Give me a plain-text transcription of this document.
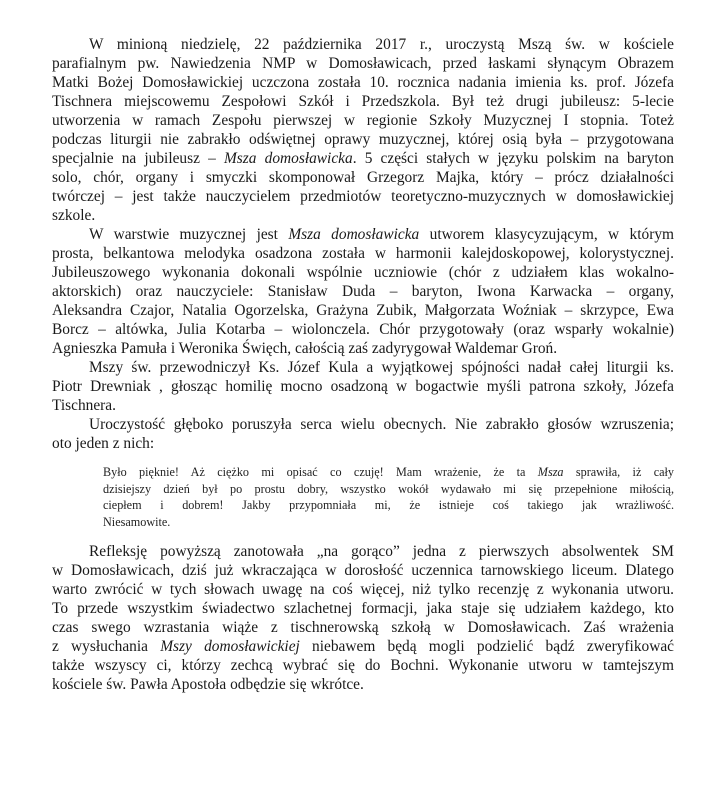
W minioną niedzielę, 22 października 2017 r., uroczystą Mszą św. w kościele
parafialnym pw. Nawiedzenia NMP w Domosławicach, przed łaskami słynącym Obrazem
Matki Bożej Domosławickiej uczczona została 10. rocznica nadania imienia ks. prof. Józefa
Tischnera miejscowemu Zespołowi Szkół i Przedszkola. Był też drugi jubileusz: 5-lecie
utworzenia w ramach Zespołu pierwszej w regionie Szkoły Muzycznej I stopnia. Toteż
podczas liturgii nie zabrakło odświętnej oprawy muzycznej, której osią była – przygotowana
specjalnie na jubileusz – Msza domosławicka. 5 części stałych w języku polskim na baryton
solo, chór, organy i smyczki skomponował Grzegorz Majka, który – prócz działalności
twórczej – jest także nauczycielem przedmiotów teoretyczno-muzycznych w domosławickiej
szkole.

W warstwie muzycznej jest Msza domosławicka utworem klasycyzującym, w którym
prosta, belkantowa melodyka osadzona została w harmonii kalejdoskopowej, kolorystycznej.
Jubileuszowego wykonania dokonali wspólnie uczniowie (chór z udziałem klas wokalno-
aktorskich) oraz nauczyciele: Stanisław Duda – baryton, Iwona Karwacka – organy,
Aleksandra Czajor, Natalia Ogorzelska, Grażyna Zubik, Małgorzata Woźniak – skrzypce, Ewa
Borcz – altówka, Julia Kotarba – wiolonczela. Chór przygotowały (oraz wsparły wokalnie)
Agnieszka Pamuła i Weronika Święch, całością zaś zadyrygował Waldemar Groń.

Mszy św. przewodniczył Ks. Józef Kula a wyjątkowej spójności nadał całej liturgii ks.
Piotr Drewniak , głosząc homilię mocno osadzoną w bogactwie myśli patrona szkoły, Józefa
Tischnera.

Uroczystość głęboko poruszyła serca wielu obecnych. Nie zabrakło głosów wzruszenia;
oto jeden z nich:

Było pięknie! Aż ciężko mi opisać co czuję! Mam wrażenie, że ta Msza sprawiła, iż cały
dzisiejszy dzień był po prostu dobry, wszystko wokół wydawało mi się przepełnione miłością,
ciepłem i dobrem! Jakby przypomniała mi, że istnieje coś takiego jak wrażliwość.
Niesamowite.

Refleksję powyższą zanotowała „na gorąco” jedna z pierwszych absolwentek SM
w Domosławicach, dziś już wkraczająca w dorosłość uczennica tarnowskiego liceum. Dlatego
warto zwrócić w tych słowach uwagę na coś więcej, niż tylko recenzję z wykonania utworu.
To przede wszystkim świadectwo szlachetnej formacji, jaka staje się udziałem każdego, kto
czas swego wzrastania wiąże z tischnerowską szkołą w Domosławicach. Zaś wrażenia
z wysłuchania Mszy domosławickiej niebawem będą mogli podzielić bądź zweryfikować
także wszyscy ci, którzy zechcą wybrać się do Bochni. Wykonanie utworu w tamtejszym
kościele św. Pawła Apostoła odbędzie się wkrótce.
